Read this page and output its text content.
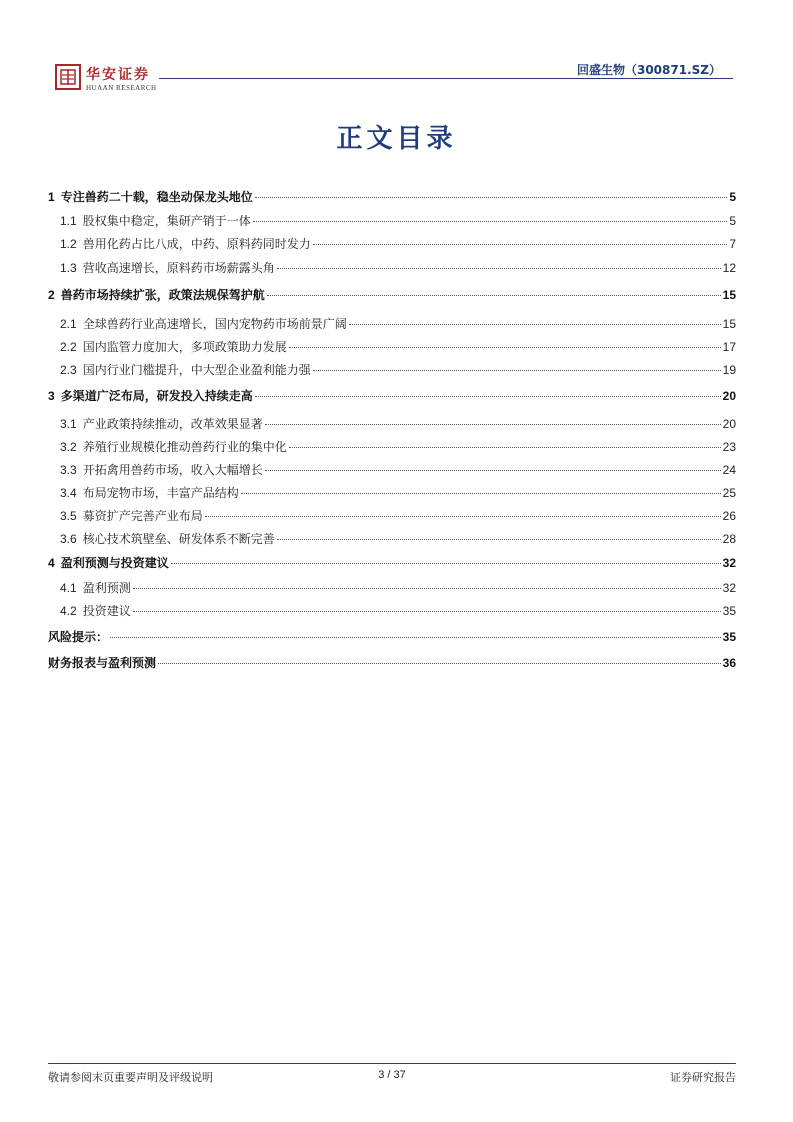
华安证券
HUAAN RESEARCH
回盛生物（300871.SZ）
正文目录
1 专注兽药二十载，稳坐动保龙头地位	5
1.1 股权集中稳定，集研产销于一体	5
1.2 兽用化药占比八成，中药、原料药同时发力	7
1.3 营收高速增长，原料药市场薪露头角	12
2 兽药市场持续扩张，政策法规保驾护航	15
2.1 全球兽药行业高速增长，国内宠物药市场前景广阔	15
2.2 国内监管力度加大，多项政策助力发展	17
2.3 国内行业门槛提升，中大型企业盈利能力强	19
3 多渠道广泛布局，研发投入持续走高	20
3.1 产业政策持续推动，改革效果显著	20
3.2 养殖行业规模化推动兽药行业的集中化	23
3.3 开拓禽用兽药市场，收入大幅增长	24
3.4 布局宠物市场，丰富产品结构	25
3.5 募资扩产完善产业布局	26
3.6 核心技术筑壁垒、研发体系不断完善	28
4 盈利预测与投资建议	32
4.1 盈利预测	32
4.2 投资建议	35
风险提示：	35
财务报表与盈利预测	36
敬请参阅末页重要声明及评级说明	3 / 37	证券研究报告
